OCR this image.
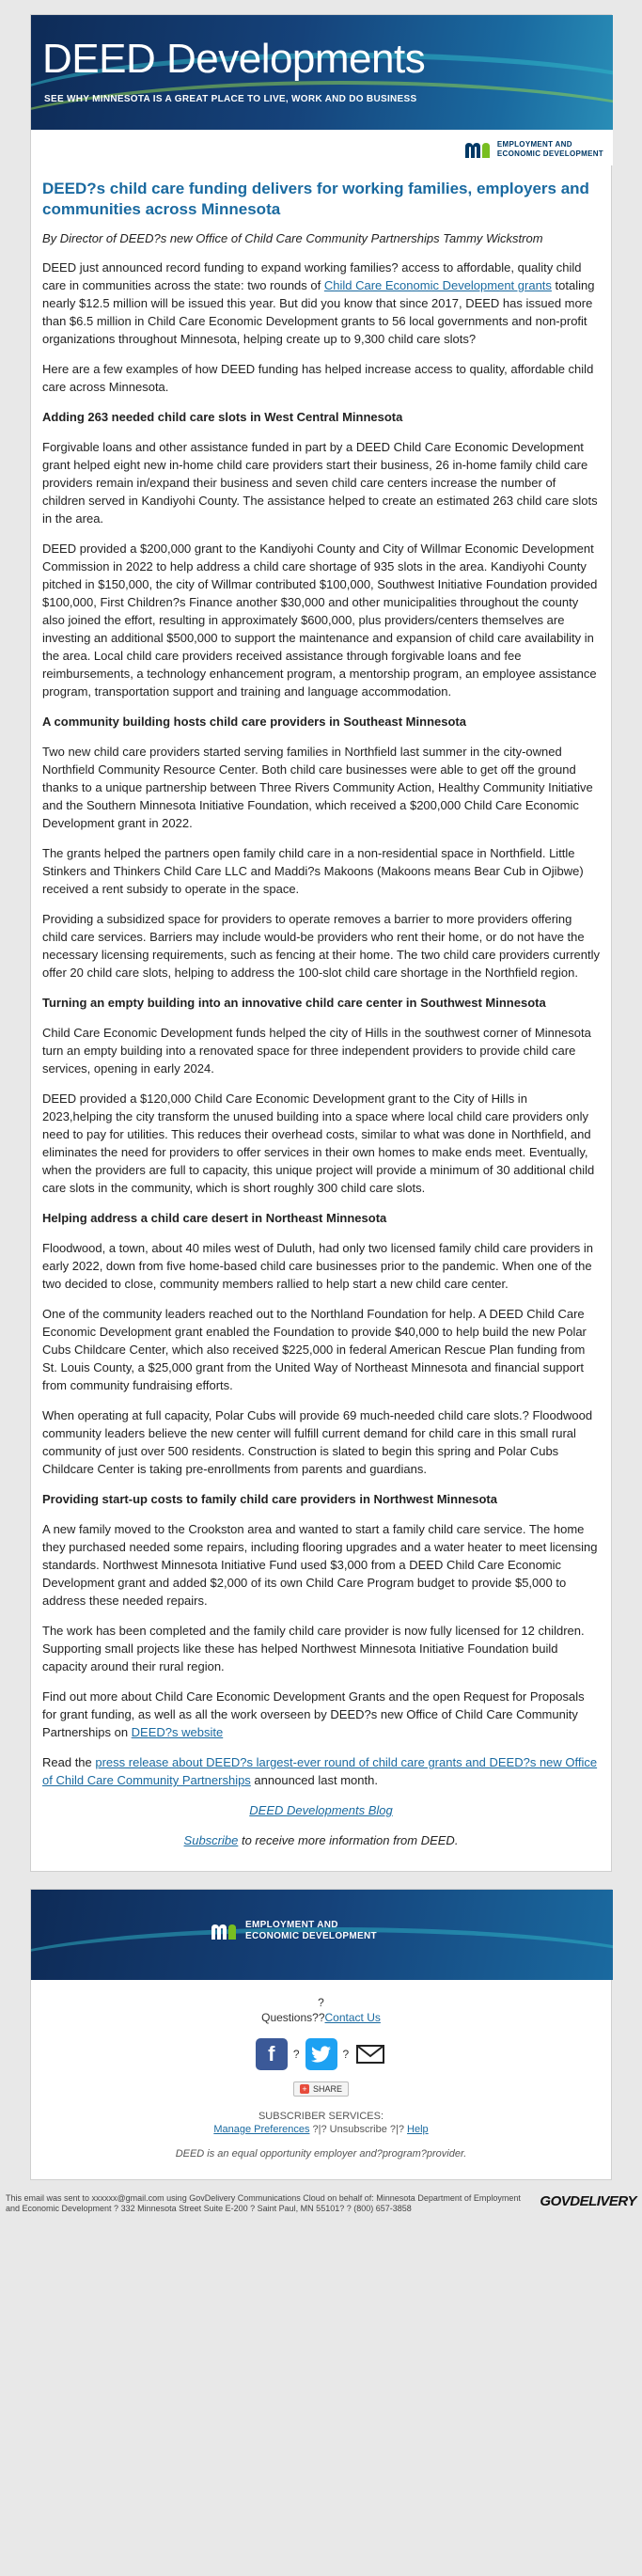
DEED Developments
SEE WHY MINNESOTA IS A GREAT PLACE TO LIVE, WORK AND DO BUSINESS
EMPLOYMENT AND
ECONOMIC DEVELOPMENT
DEED?s child care funding delivers for working families, employers and communities across Minnesota
By Director of DEED?s new Office of Child Care Community Partnerships Tammy Wickstrom

DEED just announced record funding to expand working families? access to affordable, quality child care in communities across the state: two rounds of Child Care Economic Development grants totaling nearly $12.5 million will be issued this year. But did you know that since 2017, DEED has issued more than $6.5 million in Child Care Economic Development grants to 56 local governments and non-profit organizations throughout Minnesota, helping create up to 9,300 child care slots?

Here are a few examples of how DEED funding has helped increase access to quality, affordable child care across Minnesota.

Adding 263 needed child care slots in West Central Minnesota

Forgivable loans and other assistance funded in part by a DEED Child Care Economic Development grant helped eight new in-home child care providers start their business, 26 in-home family child care providers remain in/expand their business and seven child care centers increase the number of children served in Kandiyohi County. The assistance helped to create an estimated 263 child care slots in the area.

DEED provided a $200,000 grant to the Kandiyohi County and City of Willmar Economic Development Commission in 2022 to help address a child care shortage of 935 slots in the area. Kandiyohi County pitched in $150,000, the city of Willmar contributed $100,000, Southwest Initiative Foundation provided $100,000, First Children?s Finance another $30,000 and other municipalities throughout the county also joined the effort, resulting in approximately $600,000, plus providers/centers themselves are investing an additional $500,000 to support the maintenance and expansion of child care availability in the area. Local child care providers received assistance through forgivable loans and fee reimbursements, a technology enhancement program, a mentorship program, an employee assistance program, transportation support and training and language accommodation.

A community building hosts child care providers in Southeast Minnesota

Two new child care providers started serving families in Northfield last summer in the city-owned Northfield Community Resource Center. Both child care businesses were able to get off the ground thanks to a unique partnership between Three Rivers Community Action, Healthy Community Initiative and the Southern Minnesota Initiative Foundation, which received a $200,000 Child Care Economic Development grant in 2022.

The grants helped the partners open family child care in a non-residential space in Northfield. Little Stinkers and Thinkers Child Care LLC and Maddi?s Makoons (Makoons means Bear Cub in Ojibwe) received a rent subsidy to operate in the space.

Providing a subsidized space for providers to operate removes a barrier to more providers offering child care services. Barriers may include would-be providers who rent their home, or do not have the necessary licensing requirements, such as fencing at their home. The two child care providers currently offer 20 child care slots, helping to address the 100-slot child care shortage in the Northfield region.

Turning an empty building into an innovative child care center in Southwest Minnesota

Child Care Economic Development funds helped the city of Hills in the southwest corner of Minnesota turn an empty building into a renovated space for three independent providers to provide child care services, opening in early 2024.

DEED provided a $120,000 Child Care Economic Development grant to the City of Hills in 2023,helping the city transform the unused building into a space where local child care providers only need to pay for utilities. This reduces their overhead costs, similar to what was done in Northfield, and eliminates the need for providers to offer services in their own homes to make ends meet. Eventually, when the providers are full to capacity, this unique project will provide a minimum of 30 additional child care slots in the community, which is short roughly 300 child care slots.

Helping address a child care desert in Northeast Minnesota

Floodwood, a town, about 40 miles west of Duluth, had only two licensed family child care providers in early 2022, down from five home-based child care businesses prior to the pandemic. When one of the two decided to close, community members rallied to help start a new child care center.

One of the community leaders reached out to the Northland Foundation for help. A DEED Child Care Economic Development grant enabled the Foundation to provide $40,000 to help build the new Polar Cubs Childcare Center, which also received $225,000 in federal American Rescue Plan funding from St. Louis County, a $25,000 grant from the United Way of Northeast Minnesota and financial support from community fundraising efforts.

When operating at full capacity, Polar Cubs will provide 69 much-needed child care slots.? Floodwood community leaders believe the new center will fulfill current demand for child care in this small rural community of just over 500 residents. Construction is slated to begin this spring and Polar Cubs Childcare Center is taking pre-enrollments from parents and guardians.

Providing start-up costs to family child care providers in Northwest Minnesota

A new family moved to the Crookston area and wanted to start a family child care service. The home they purchased needed some repairs, including flooring upgrades and a water heater to meet licensing standards. Northwest Minnesota Initiative Fund used $3,000 from a DEED Child Care Economic Development grant and added $2,000 of its own Child Care Program budget to provide $5,000 to address these needed repairs.

The work has been completed and the family child care provider is now fully licensed for 12 children. Supporting small projects like these has helped Northwest Minnesota Initiative Foundation build capacity around their rural region.

Find out more about Child Care Economic Development Grants and the open Request for Proposals for grant funding, as well as all the work overseen by DEED?s new Office of Child Care Community Partnerships on DEED?s website

Read the press release about DEED?s largest-ever round of child care grants and DEED?s new Office of Child Care Community Partnerships announced last month.

DEED Developments Blog

Subscribe to receive more information from DEED.

EMPLOYMENT AND
ECONOMIC DEVELOPMENT
?
Questions??Contact Us
f	?	?
+ SHARE
SUBSCRIBER SERVICES:
Manage Preferences ?|? Unsubscribe ?|? Help
DEED is an equal opportunity employer and?program?provider.
This email was sent to xxxxxx@gmail.com using GovDelivery Communications Cloud on behalf of: Minnesota Department of Employment and Economic Development ? 332 Minnesota Street Suite E-200 ? Saint Paul, MN 55101? ? (800) 657-3858	GOVDELIVERY
